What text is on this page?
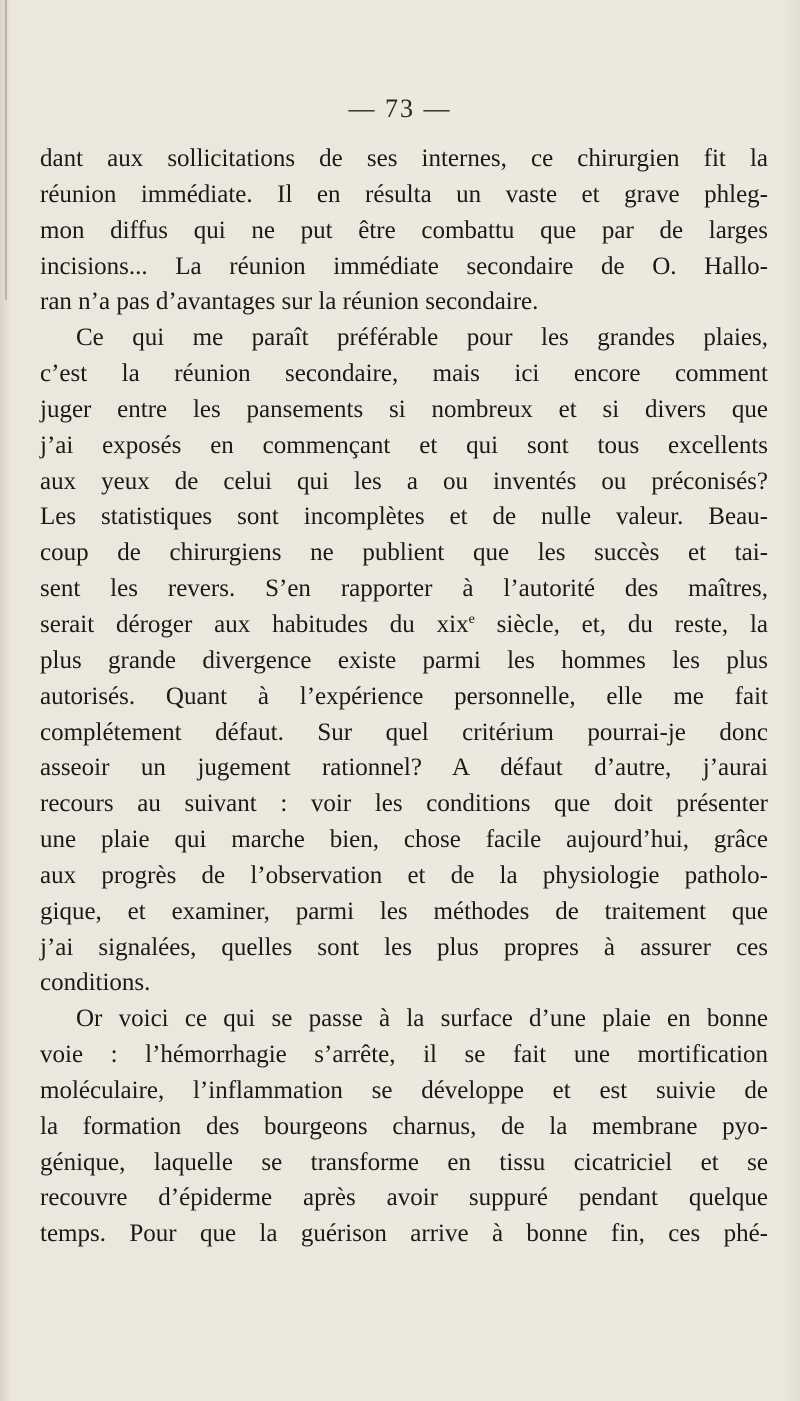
— 73 —
dant aux sollicitations de ses internes, ce chirurgien fit la
réunion immédiate. Il en résulta un vaste et grave phleg-
mon diffus qui ne put être combattu que par de larges
incisions... La réunion immédiate secondaire de O. Hallo-
ran n’a pas d’avantages sur la réunion secondaire.
Ce qui me paraît préférable pour les grandes plaies,
c’est la réunion secondaire, mais ici encore comment
juger entre les pansements si nombreux et si divers que
j’ai exposés en commençant et qui sont tous excellents
aux yeux de celui qui les a ou inventés ou préconisés?
Les statistiques sont incomplètes et de nulle valeur. Beau-
coup de chirurgiens ne publient que les succès et tai-
sent les revers. S’en rapporter à l’autorité des maîtres,
serait déroger aux habitudes du xix$^e$ siècle, et, du reste, la
plus grande divergence existe parmi les hommes les plus
autorisés. Quant à l’expérience personnelle, elle me fait
complétement défaut. Sur quel critérium pourrai-je donc
asseoir un jugement rationnel? A défaut d’autre, j’aurai
recours au suivant : voir les conditions que doit présenter
une plaie qui marche bien, chose facile aujourd’hui, grâce
aux progrès de l’observation et de la physiologie patholo-
gique, et examiner, parmi les méthodes de traitement que
j’ai signalées, quelles sont les plus propres à assurer ces
conditions.
Or voici ce qui se passe à la surface d’une plaie en bonne
voie : l’hémorrhagie s’arrête, il se fait une mortification
moléculaire, l’inflammation se développe et est suivie de
la formation des bourgeons charnus, de la membrane pyo-
génique, laquelle se transforme en tissu cicatriciel et se
recouvre d’épiderme après avoir suppuré pendant quelque
temps. Pour que la guérison arrive à bonne fin, ces phé-
